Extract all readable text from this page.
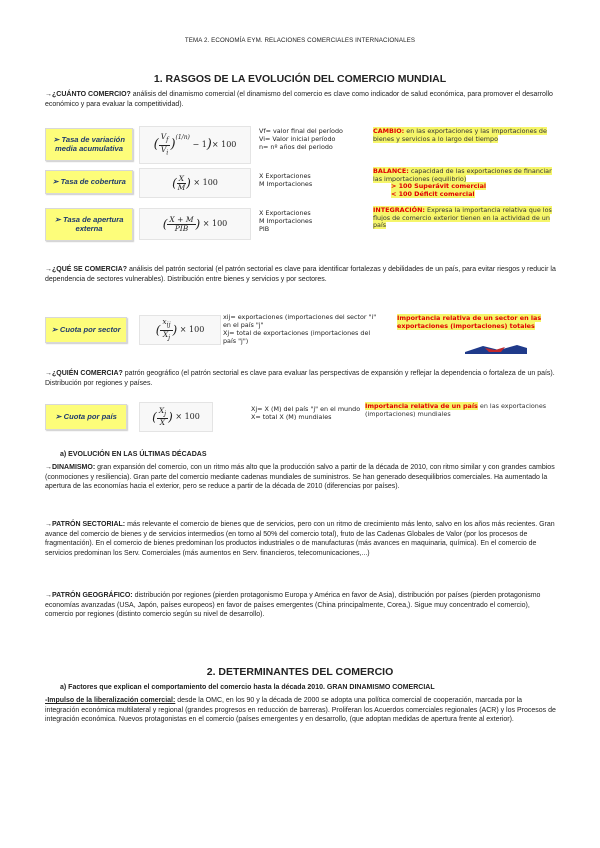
TEMA 2. ECONOMÍA EYM. RELACIONES COMERCIALES INTERNACIONALES
1. RASGOS DE LA EVOLUCIÓN DEL COMERCIO MUNDIAL
→¿CUÁNTO COMERCIO? análisis del dinamismo comercial (el dinamismo del comercio es clave como indicador de salud económica, para promover el desarrollo económico y para evaluar la competitividad).
➢ Tasa de variación media acumulativa	( $\frac{V_f}{V_i} )^{(1/n)}$
− 1 ) × 100
Vf= valor final del período
Vi= Valor inicial período
n= nº años del periodo
CAMBIO: en las exportaciones y las importaciones de bienes y servicios a lo largo del tiempo
➢ Tasa de cobertura	( $\frac{X}{M}$ ) × 100
X Exportaciones
M Importaciones
BALANCE: capacidad de las exportaciones de financiar las importaciones (equilibrio)
> 100 Superávit comercial
< 100 Déficit comercial
➢ Tasa de apertura externa	( $\frac{X + M}{\text{PIB}}$ ) × 100
X Exportaciones
M Importaciones
PIB
INTEGRACIÓN: Expresa la importancia relativa que los flujos de comercio exterior tienen en la actividad de un país
→¿QUÉ SE COMERCIA? análisis del patrón sectorial (el patrón sectorial es clave para identificar fortalezas y debilidades de un país, para evitar riesgos y reducir la dependencia de sectores vulnerables). Distribución entre bienes y servicios y por sectores.
➢ Cuota por sector	( $\frac{x_{ij}}{X_j}$ ) × 100
xij= exportaciones (importaciones del sector "i" en el país "j"
Xj= total de exportaciones (importaciones del país "j")
Importancia relativa de un sector en las exportaciones (importaciones) totales
→¿QUIÉN COMERCIA? patrón geográfico (el patrón sectorial es clave para evaluar las perspectivas de expansión y reflejar la dependencia o fortaleza de un país). Distribución por regiones y países.
➢ Cuota por país	( $\frac{X_j}{X}$ ) × 100
Xj= X (M) del país "j" en el mundo
X= total X (M) mundiales
Importancia relativa de un país en las exportaciones (importaciones) mundiales
a) EVOLUCIÓN EN LAS ÚLTIMAS DÉCADAS
→DINAMISMO: gran expansión del comercio, con un ritmo más alto que la producción salvo a partir de la década de 2010, con ritmo similar y con grandes cambios (conmociones y resiliencia). Gran parte del comercio mediante cadenas mundiales de suministros. Se han generado desequilibrios comerciales. Ha aumentado la apertura de las economías hacia el exterior, pero se reduce a partir de la década de 2010 (diferencias por países).
→PATRÓN SECTORIAL: más relevante el comercio de bienes que de servicios, pero con un ritmo de crecimiento más lento, salvo en los años más recientes. Gran avance del comercio de bienes y de servicios intermedios (en torno al 50% del comercio total), fruto de las Cadenas Globales de Valor (por los procesos de fragmentación). En el comercio de bienes predominan los productos industriales o de manufacturas (más avances en maquinaria, química). En el comercio de servicios predominan los Serv. Comerciales (más aumentos en Serv. financieros, telecomunicaciones,...)
→PATRÓN GEOGRÁFICO: distribución por regiones (pierden protagonismo Europa y América en favor de Asia), distribución por países (pierden protagonismo economías avanzadas (USA, Japón, países europeos) en favor de países emergentes (China principalmente, Corea,). Sigue muy concentrado el comercio), comercio por regiones (distinto comercio según su nivel de desarrollo).
2. DETERMINANTES DEL COMERCIO
a) Factores que explican el comportamiento del comercio hasta la década 2010. GRAN DINAMISMO COMERCIAL
-Impulso de la liberalización comercial: desde la OMC, en los 90 y la década de 2000 se adopta una política comercial de cooperación, marcada por la integración económica multilateral y regional (grandes progresos en reducción de barreras). Proliferan los Acuerdos comerciales regionales (ACR) y los Procesos de integración económica. Nuevos protagonistas en el comercio (países emergentes y en desarrollo, (que adoptan medidas de apertura frente al exterior).
